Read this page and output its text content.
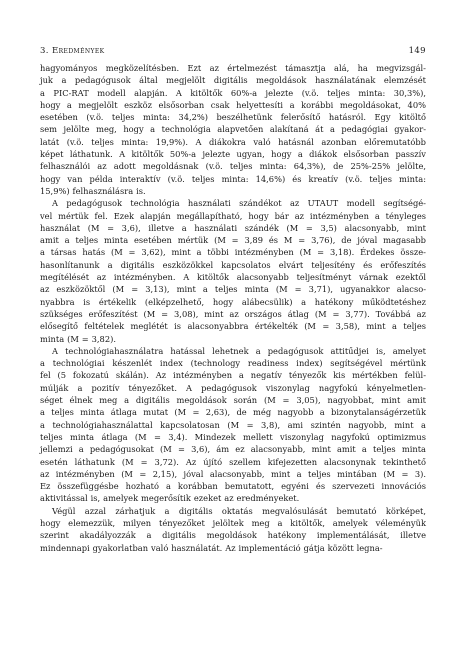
3. Eredmények	149
hagyományos megközelítésben. Ezt az értelmezést támasztja alá, ha megvizsgál-
juk a pedagógusok által megjelölt digitális megoldások használatának elemzését
a PIC-RAT modell alapján. A kitöltők 60%-a jelezte (v.ö. teljes minta: 30,3%),
hogy a megjelölt eszköz elsősorban csak helyettesíti a korábbi megoldásokat, 40%
esetében (v.ö. teljes minta: 34,2%) beszélhetünk felerősítő hatásról. Egy kitöltő
sem jelölte meg, hogy a technológia alapvetően alakítaná át a pedagógiai gyakor-
latát (v.ö. teljes minta: 19,9%). A diákokra való hatásnál azonban előremutatóbb
képet láthatunk. A kitöltők 50%-a jelezte ugyan, hogy a diákok elsősorban passzív
felhasználói az adott megoldásnak (v.ö. teljes minta: 64,3%), de 25%-25% jelölte,
hogy van példa interaktív (v.ö. teljes minta: 14,6%) és kreatív (v.ö. teljes minta:
15,9%) felhasználásra is.
A pedagógusok technológia használati szándékot az UTAUT modell segítségé-
vel mértük fel. Ezek alapján megállapítható, hogy bár az intézményben a tényleges
használat (M = 3,6), illetve a használati szándék (M = 3,5) alacsonyabb, mint
amit a teljes minta esetében mértük (M = 3,89 és M = 3,76), de jóval magasabb
a társas hatás (M = 3,62), mint a többi intézményben (M = 3,18). Érdekes össze-
hasonlítanunk a digitális eszközökkel kapcsolatos elvárt teljesítény és erőfeszítés
megítélését az intézményben. A kitöltők alacsonyabb teljesítményt várnak ezektől
az eszközöktől (M = 3,13), mint a teljes minta (M = 3,71), ugyanakkor alacso-
nyabbra is értékelik (elképzelhető, hogy alábecsülik) a hatékony működtetéshez
szükséges erőfeszítést (M = 3,08), mint az országos átlag (M = 3,77). Továbbá az
elősegítő feltételek meglétét is alacsonyabbra értékelték (M = 3,58), mint a teljes
minta (M = 3,82).
A technológiahasználatra hatással lehetnek a pedagógusok attitűdjei is, amelyet
a technológiai készenlét index (technology readiness index) segítségével mértünk
fel (5 fokozatú skálán). Az intézményben a negatív tényezők kis mértékben felül-
múlják a pozitív tényezőket. A pedagógusok viszonylag nagyfokú kényelmetlen-
séget élnek meg a digitális megoldások során (M = 3,05), nagyobbat, mint amit
a teljes minta átlaga mutat (M = 2,63), de még nagyobb a bizonytalanságérzetük
a technológiahasználattal kapcsolatosan (M = 3,8), ami szintén nagyobb, mint a
teljes minta átlaga (M = 3,4). Mindezek mellett viszonylag nagyfokú optimizmus
jellemzi a pedagógusokat (M = 3,6), ám ez alacsonyabb, mint amit a teljes minta
esetén láthatunk (M = 3,72). Az újító szellem kifejezetten alacsonynak tekinthető
az intézményben (M = 2,15), jóval alacsonyabb, mint a teljes mintában (M = 3).
Ez összefüggésbe hozható a korábban bemutatott, egyéni és szervezeti innovációs
aktivitással is, amelyek megerősítik ezeket az eredményeket.
Végül azzal zárhatjuk a digitális oktatás megvalósulását bemutató körképet,
hogy elemezzük, milyen tényezőket jelöltek meg a kitöltők, amelyek véleményük
szerint akadályozzák a digitális megoldások hatékony implementálását, illetve
mindennapi gyakorlatban való használatát. Az implementáció gátja között legna-
